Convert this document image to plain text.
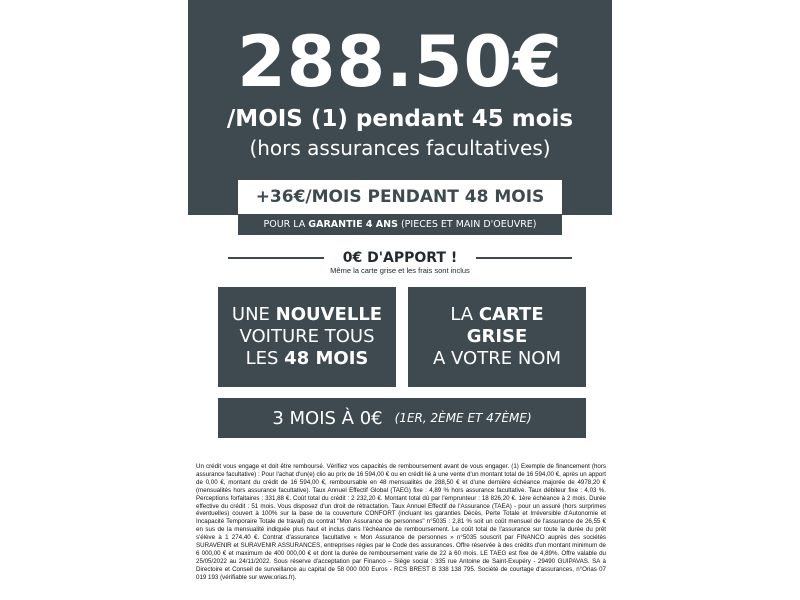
288.50€
/MOIS (1) pendant 45 mois
(hors assurances facultatives)
+36€/MOIS PENDANT 48 MOIS
POUR LA GARANTIE 4 ANS (PIECES ET MAIN D'OEUVRE)
0€ D'APPORT !
Même la carte grise et les frais sont inclus
UNE NOUVELLE
VOITURE TOUS
LES 48 MOIS
LA CARTE
GRISE
A VOTRE NOM
3 MOIS À 0€ (1ER, 2ÈME ET 47ÈME)
Un crédit vous engage et doit être remboursé. Vérifiez vos capacités de remboursement avant de vous engager. (1) Exemple de financement (hors assurance facultative) : Pour l'achat d'un(e) clio au prix de 16 594,00 € ou en crédit lié à une vente d'un montant total de 16 594,00 €, après un apport de 0,00 €, montant du crédit de 16 594,00 €, remboursable en 48 mensualités de 288,50 € et d'une dernière échéance majorée de 4978,20 € (mensualités hors assurance facultative). Taux Annuel Effectif Global (TAEG) fixe : 4,89 % hors assurance facultative. Taux débiteur fixe : 4,03 %. Perceptions forfaitaires : 331,88 €. Coût total du crédit : 2 232,20 €. Montant total dû par l'emprunteur : 18 826,20 €. 1ère échéance à 2 mois. Durée effective du crédit : 51 mois. Vous disposez d'un droit de rétractation. Taux Annuel Effectif de l'Assurance (TAEA) - pour un assuré (hors surprimes éventuelles) couvert à 100% sur la base de la couverture CONFORT (incluant les garanties Décès, Perte Totale et Irréversible d'Autonomie et Incapacité Temporaire Totale de travail) du contrat "Mon Assurance de personnes" n°5035 : 2,81 % soit un coût mensuel de l'assurance de 26,55 € en sus de la mensualité indiquée plus haut et inclus dans l'échéance de remboursement. Le coût total de l'assurance sur toute la durée du prêt s'élève à 1 274,40 €. Contrat d'assurance facultative « Mon Assurance de personnes » n°5035 souscrit par FINANCO auprès des sociétés SURAVENIR et SURAVENIR ASSURANCES, entreprises régies par le Code des assurances. Offre réservée à des crédits d'un montant minimum de 6 000,00 € et maximum de 400 000,00 € et dont la durée de remboursement varie de 22 à 60 mois. LE TAEG est fixe de 4,89%. Offre valable du 25/05/2022 au 24/11/2022. Sous réserve d'acceptation par Financo – Siège social : 335 rue Antoine de Saint-Exupéry - 29490 GUIPAVAS. SA à Directoire et Conseil de surveillance au capital de 58 000 000 Euros - RCS BREST B 338 138 795. Société de courtage d'assurances, n°Orias 07 019 193 (vérifiable sur www.orias.fr).
